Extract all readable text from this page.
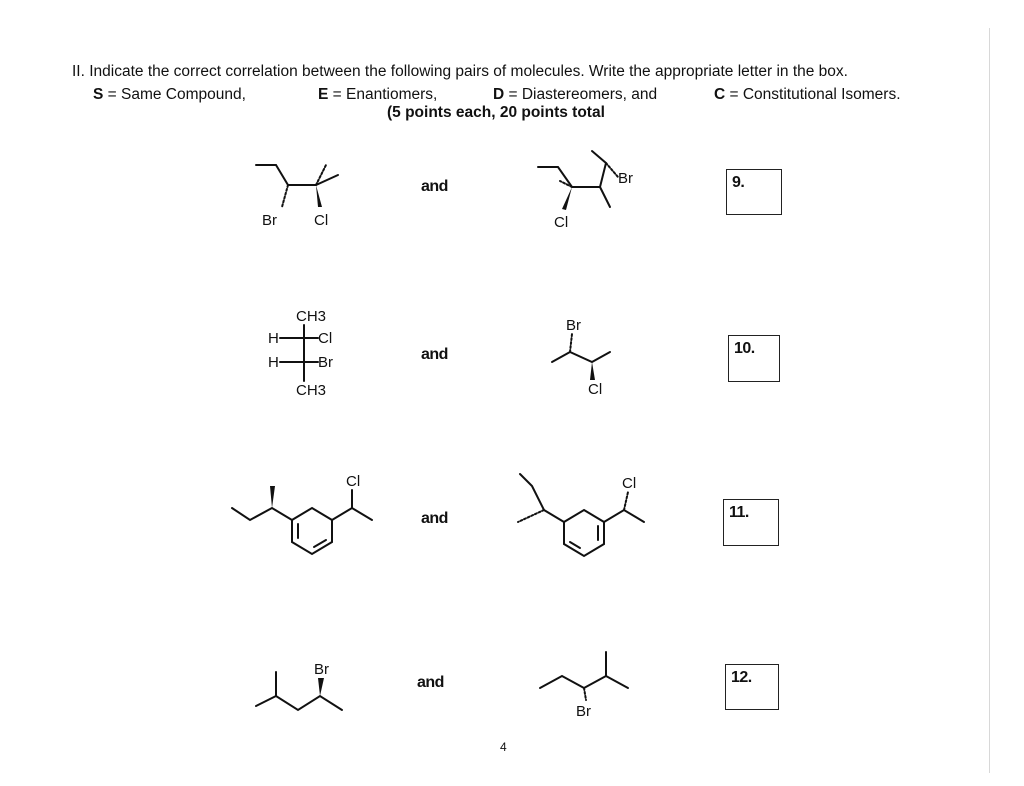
II. Indicate the correct correlation between the following pairs of molecules. Write the appropriate letter in the box.
S = Same Compound,	E = Enantiomers,	D = Diastereomers, and	C = Constitutional Isomers.
(5 points each, 20 points total
Br Cl
and	Br
Cl
9.
CH3
H	Cl
H	Br
CH3
and
Br
Cl
10.
Cl
and
Cl
11.
Br
and
Br
12.
4
